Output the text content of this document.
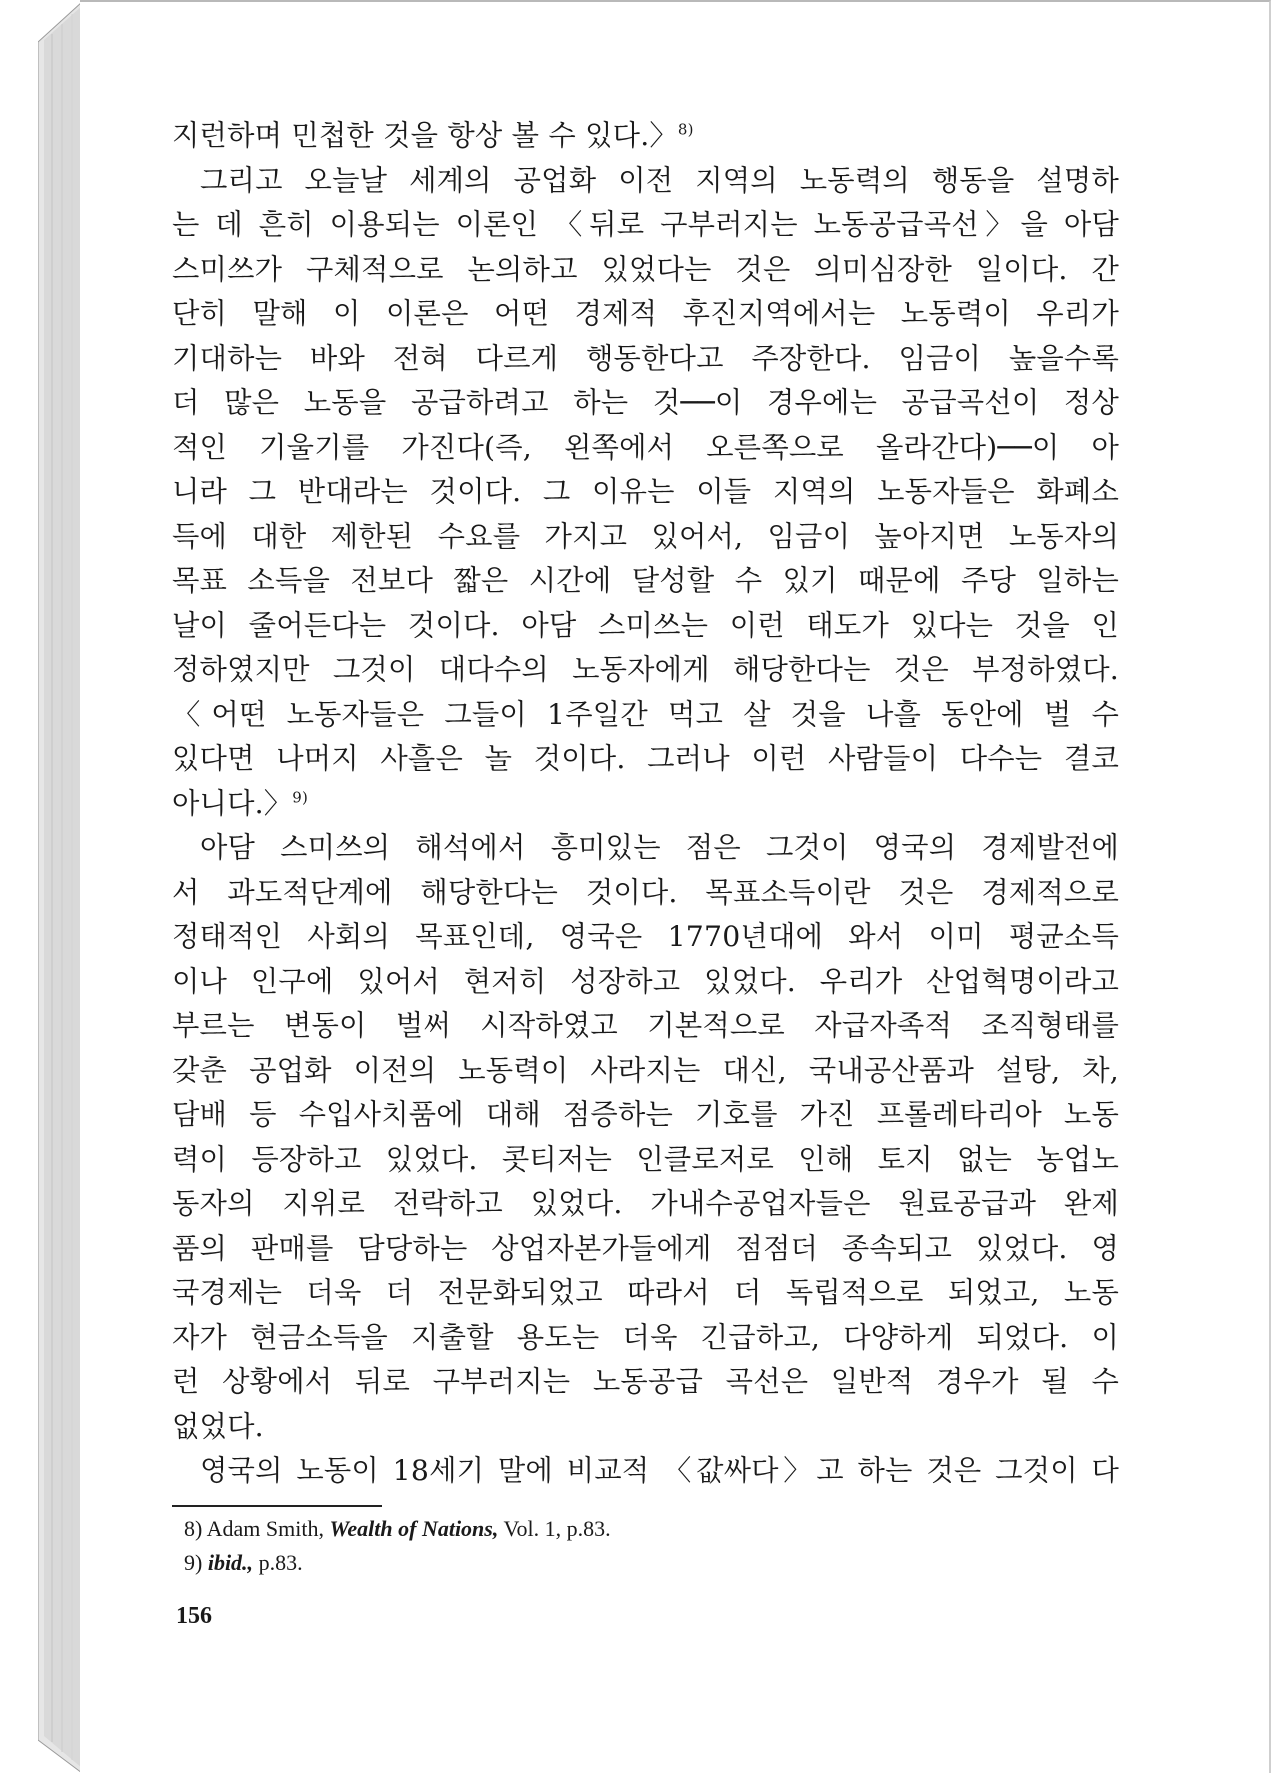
지런하며 민첩한 것을 항상 볼 수 있다.〉$^{8)}$
그리고 오늘날 세계의 공업화 이전 지역의 노동력의 행동을 설명하
는 데 흔히 이용되는 이론인 〈뒤로 구부러지는 노동공급곡선〉을 아담
스미쓰가 구체적으로 논의하고 있었다는 것은 의미심장한 일이다. 간
단히 말해 이 이론은 어떤 경제적 후진지역에서는 노동력이 우리가
기대하는 바와 전혀 다르게 행동한다고 주장한다. 임금이 높을수록
더 많은 노동을 공급하려고 하는 것──이 경우에는 공급곡선이 정상
적인 기울기를 가진다(즉, 왼쪽에서 오른쪽으로 올라간다)──이 아
니라 그 반대라는 것이다. 그 이유는 이들 지역의 노동자들은 화폐소
득에 대한 제한된 수요를 가지고 있어서, 임금이 높아지면 노동자의
목표 소득을 전보다 짧은 시간에 달성할 수 있기 때문에 주당 일하는
날이 줄어든다는 것이다. 아담 스미쓰는 이런 태도가 있다는 것을 인
정하였지만 그것이 대다수의 노동자에게 해당한다는 것은 부정하였다.
〈어떤 노동자들은 그들이 1주일간 먹고 살 것을 나흘 동안에 벌 수
있다면 나머지 사흘은 놀 것이다. 그러나 이런 사람들이 다수는 결코
아니다.〉$^{9)}$
아담 스미쓰의 해석에서 흥미있는 점은 그것이 영국의 경제발전에
서 과도적단계에 해당한다는 것이다. 목표소득이란 것은 경제적으로
정태적인 사회의 목표인데, 영국은 1770년대에 와서 이미 평균소득
이나 인구에 있어서 현저히 성장하고 있었다. 우리가 산업혁명이라고
부르는 변동이 벌써 시작하였고 기본적으로 자급자족적 조직형태를
갖춘 공업화 이전의 노동력이 사라지는 대신, 국내공산품과 설탕, 차,
담배 등 수입사치품에 대해 점증하는 기호를 가진 프롤레타리아 노동
력이 등장하고 있었다. 콧티저는 인클로저로 인해 토지 없는 농업노
동자의 지위로 전락하고 있었다. 가내수공업자들은 원료공급과 완제
품의 판매를 담당하는 상업자본가들에게 점점더 종속되고 있었다. 영
국경제는 더욱 더 전문화되었고 따라서 더 독립적으로 되었고, 노동
자가 현금소득을 지출할 용도는 더욱 긴급하고, 다양하게 되었다. 이
런 상황에서 뒤로 구부러지는 노동공급 곡선은 일반적 경우가 될 수
없었다.
영국의 노동이 18세기 말에 비교적 〈값싸다〉고 하는 것은 그것이 다
8) Adam Smith, Wealth of Nations, Vol. 1, p.83.
9) ibid., p.83.
156
